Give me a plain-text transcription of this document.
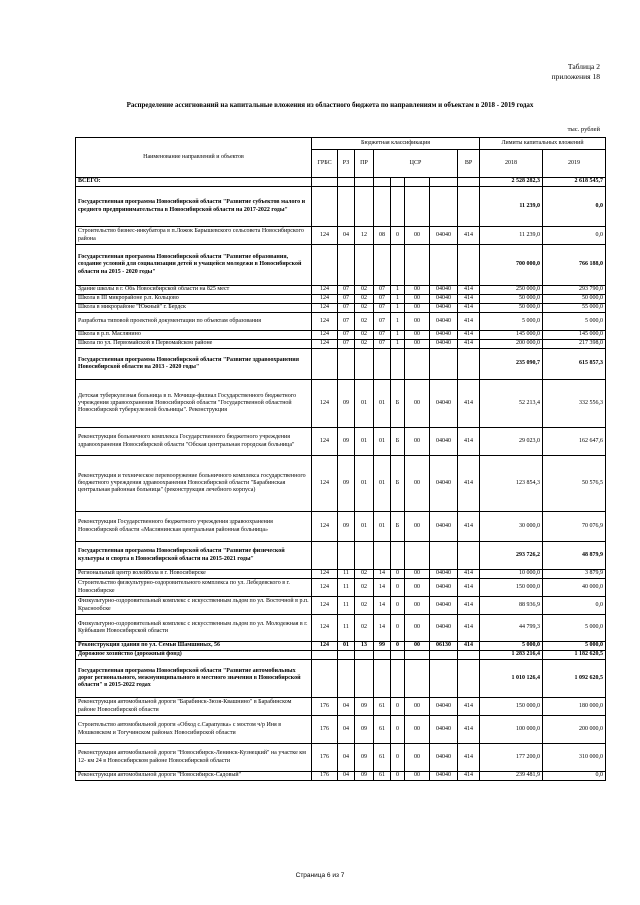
Таблица 2
приложения 18
Распределение ассигнований на капитальные вложения из областного бюджета по направлениям и объектам в 2018 - 2019 годах
тыс. рублей
Наименование направлений и объектов	Бюджетная классификация								Лимиты капитальных вложений	
	ГРБС	РЗ	ПР	ЦСР				ВР	2018	2019
ВСЕГО:									2 528 282,3	2 618 545,7
Государственная программа Новосибирской области "Развитие субъектов малого и среднего предпринимательства в Новосибирской области на 2017-2022 годы"									11 239,0	0,0
Строительство бизнес-инкубатора в п.Ложок Барышевского сельсовета Новосибирского района	124	04	12	08	0	00	04040	414	11 239,0	0,0
Государственная программа Новосибирской области "Развитие образования, создание условий для социализации детей и учащейся молодежи в Новосибирской области на 2015 - 2020 годы"									700 000,0	766 188,0
Здание школы в г. Обь Новосибирской области на 825 мест	124	07	02	07	1	00	04040	414	250 000,0	293 790,0
Школа в III микрорайоне р.п. Кольцово	124	07	02	07	1	00	04040	414	50 000,0	50 000,0
Школа в микрорайоне "Южный" г. Бердск	124	07	02	07	1	00	04040	414	50 000,0	55 000,0
Разработка типовой проектной документации по объектам образования	124	07	02	07	1	00	04040	414	5 000,0	5 000,0
Школа в р.п. Маслянино	124	07	02	07	1	00	04040	414	145 000,0	145 000,0
Школа по ул. Первомайской в Первомайском районе	124	07	02	07	1	00	04040	414	200 000,0	217 398,0
Государственная программа Новосибирской области "Развитие здравоохранения Новосибирской области на 2013 - 2020 годы"									235 090,7	615 857,3
Детская туберкулезная больница в п. Мочище-филиал Государственного бюджетного учреждения здравоохранения Новосибирской области "Государственной областной Новосибирской туберкулезной больницы". Реконструкция	124	09	01	01	Б	00	04040	414	52 213,4	332 556,3
Реконструкция больничного комплекса Государственного бюджетного учреждения здравоохранения Новосибирской области "Обская центральная городская больница"	124	09	01	01	Б	00	04040	414	29 023,0	162 647,6
Реконструкция и техническое перевооружение больничного комплекса государственного бюджетного учреждения здравоохранения Новосибирской области "Барабинская центральная районная больница" (реконструкция лечебного корпуса)	124	09	01	01	Б	00	04040	414	123 854,3	50 576,5
Реконструкция Государственного бюджетного учреждения здравоохранения Новосибирской области «Маслянинская центральная районная больница»	124	09	01	01	Б	00	04040	414	30 000,0	70 076,9
Государственная программа Новосибирской области "Развитие физической культуры и спорта в Новосибирской области на 2015-2021 годы"									293 726,2	48 879,9
Региональный центр волейбола в г. Новосибирске	124	11	02	14	0	00	04040	414	10 000,0	3 879,9
Строительство физкультурно-оздоровительного комплекса по ул. Лебедевского в г. Новосибирске	124	11	02	14	0	00	04040	414	150 000,0	40 000,0
Физкультурно-оздоровительный комплекс с искусственным льдом по ул. Восточной в р.п. Краснообске	124	11	02	14	0	00	04040	414	88 936,9	0,0
Физкультурно-оздоровительный комплекс с искусственным льдом по ул. Молодежная в г. Куйбышев Новосибирской области	124	11	02	14	0	00	04040	414	44 799,3	5 000,0
Реконструкция здания по ул. Семьи Шамшиных, 56	124	01	13	99	0	00	06130	414	5 000,0	5 000,0
Дорожное хозяйство (дорожный фонд)									1 283 216,4	1 182 620,5
Государственная программа Новосибирской области "Развитие автомобильных дорог регионального, межмуниципального и местного значения в Новосибирской области" в 2015-2022 годах									1 010 126,4	1 092 620,5
Реконструкция автомобильной дороги "Барабинск-Зюзя-Квашнино" в Барабинском районе Новосибирской области	176	04	09	61	0	00	04040	414	150 000,0	180 000,0
Строительство автомобильной дороги «Обход с.Сарапулка» с мостом ч/р Иня в Мошковском и Тогучинском районах Новосибирской области	176	04	09	61	0	00	04040	414	100 000,0	200 000,0
Реконструкция автомобильной дороги "Новосибирск-Ленинск-Кузнецкий" на участке км 12- км 24 в Новосибирском районе Новосибирской области	176	04	09	61	0	00	04040	414	177 200,0	310 000,0
Реконструкция автомобильной дороги "Новосибирск-Садовый"	176	04	09	61	0	00	04040	414	239 481,9	0,0
Страница 6 из 7
